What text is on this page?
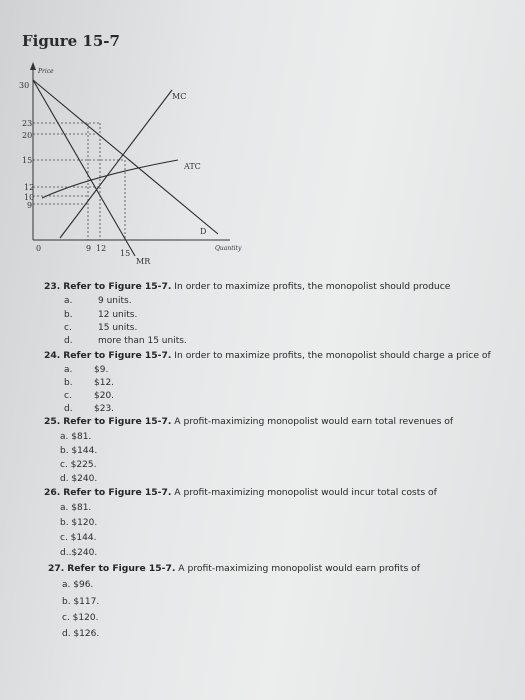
Figure 15-7
Price
Quantity
30
23
20
15
12
10
9
0	9 12
15
MC
ATC
D
MR
23. Refer to Figure 15-7. In order to maximize profits, the monopolist should produce
a.	9 units.
b.	12 units.
c.	15 units.
d.	more than 15 units.
24. Refer to Figure 15-7. In order to maximize profits, the monopolist should charge a price of
a. $9.
b. $12.
c. $20.
d. $23.
25. Refer to Figure 15-7. A profit-maximizing monopolist would earn total revenues of
a. $81.
b. $144.
c. $225.
d. $240.
26. Refer to Figure 15-7. A profit-maximizing monopolist would incur total costs of
a. $81.
b. $120.
c. $144.
d..$240.
27. Refer to Figure 15-7. A profit-maximizing monopolist would earn profits of
a. $96.
b. $117.
c. $120.
d. $126.
